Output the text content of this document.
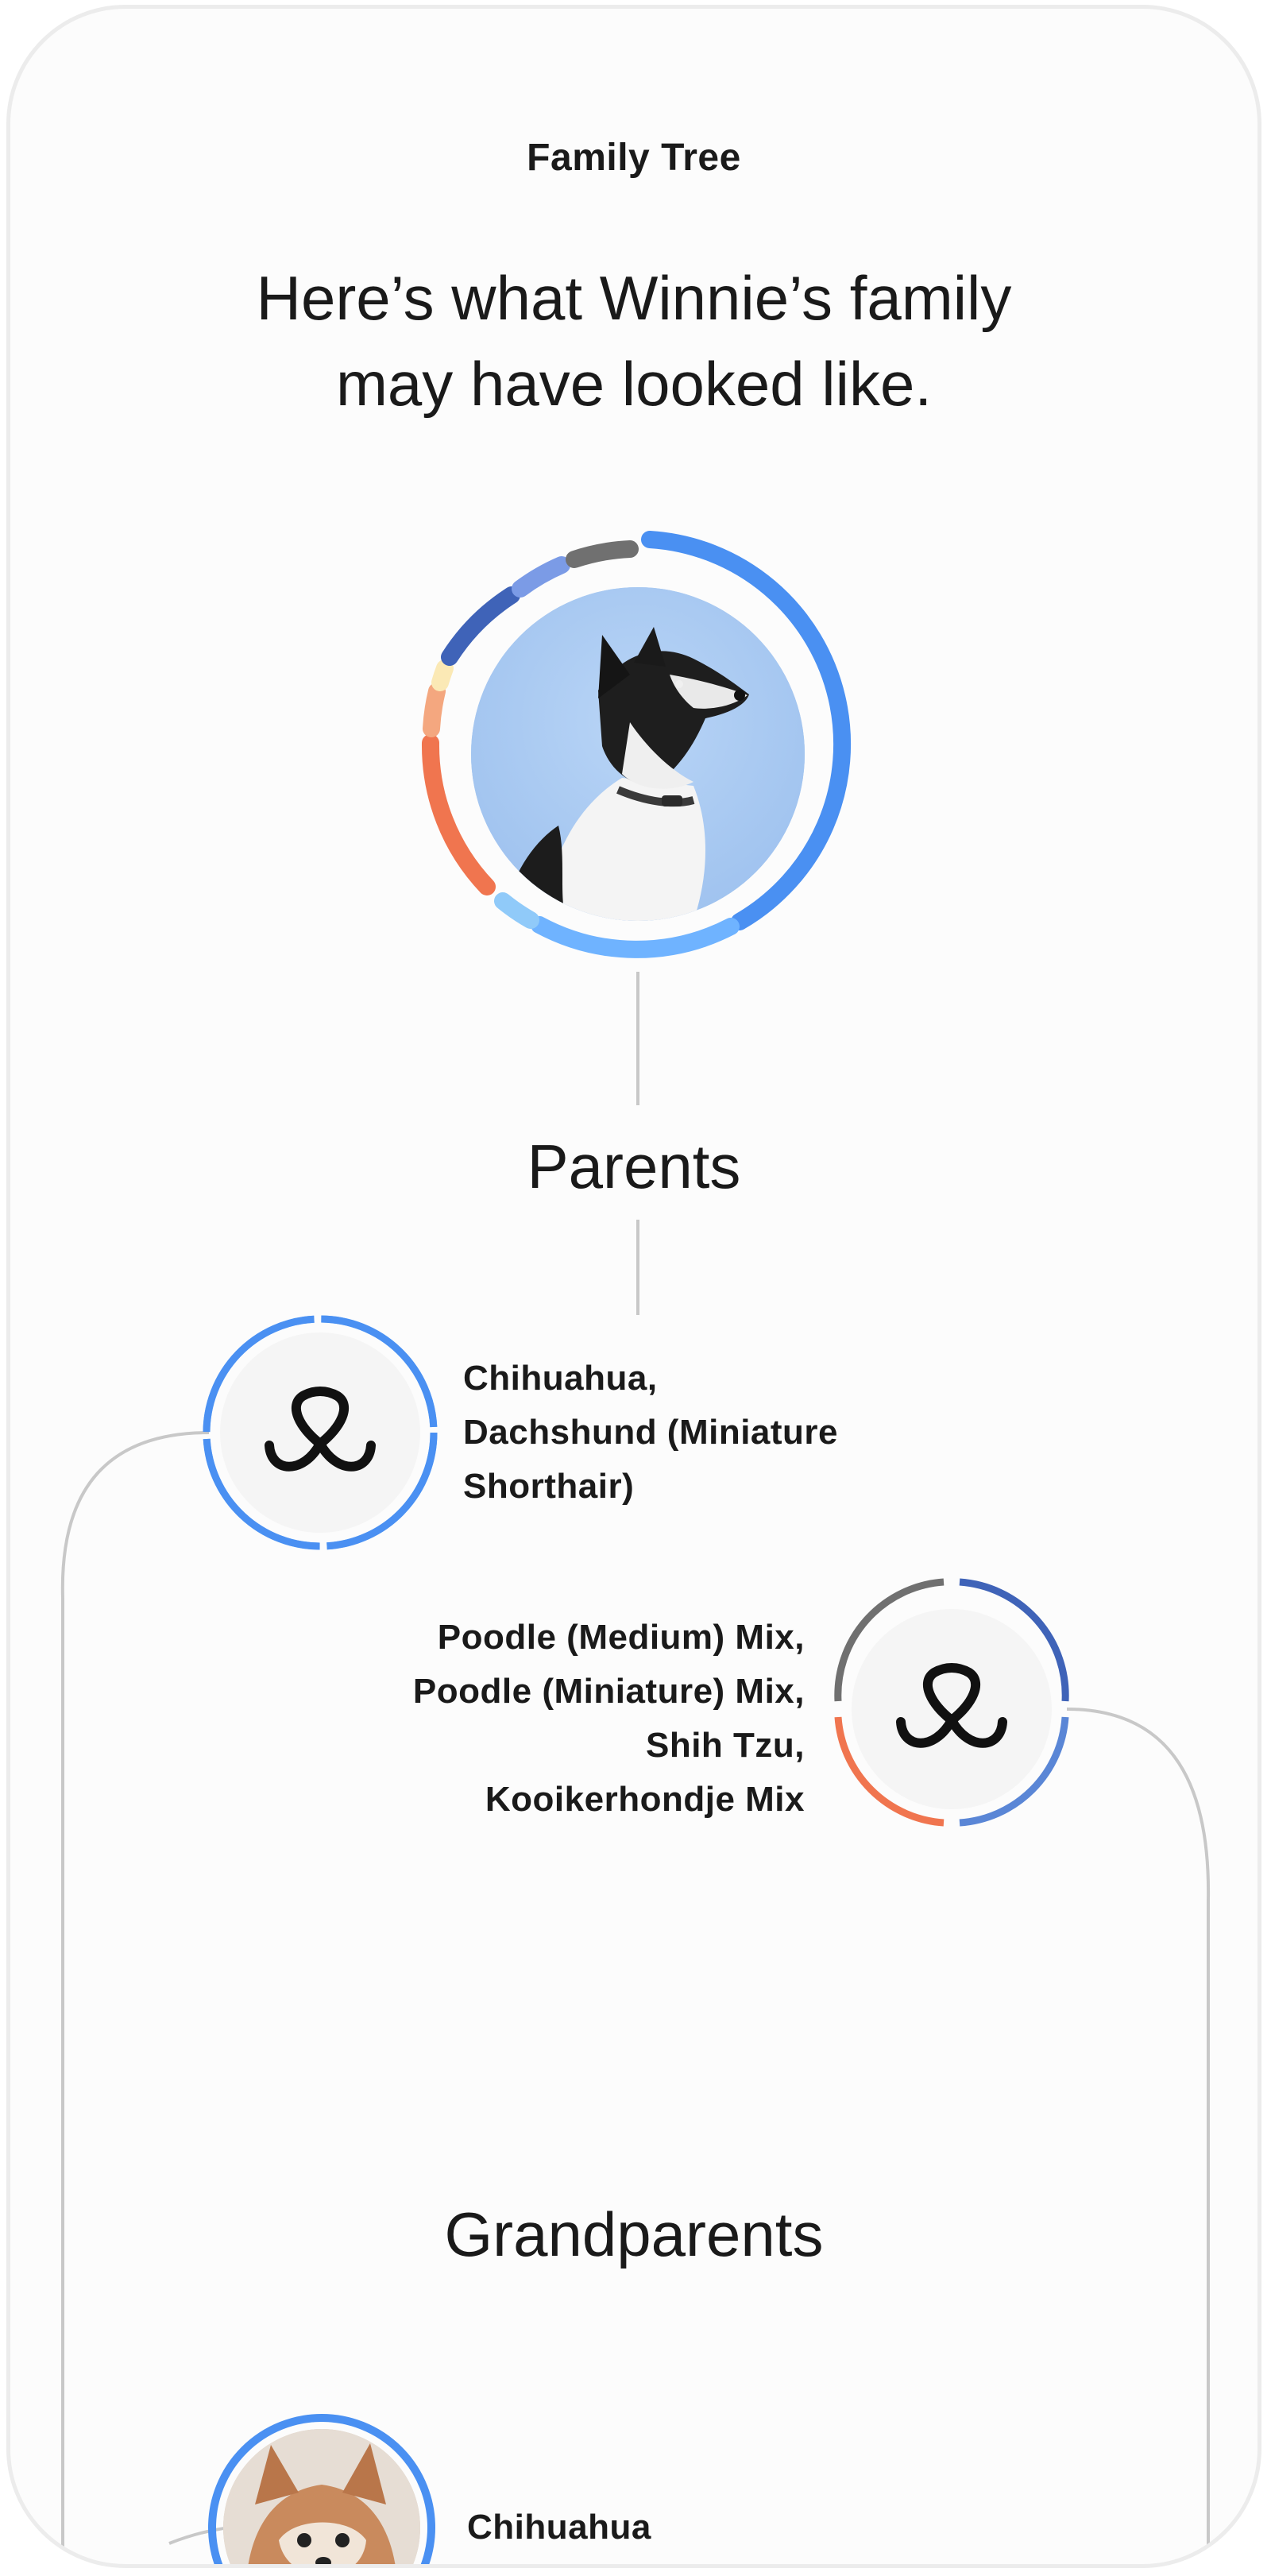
Family Tree
Here’s what Winnie’s family
may have looked like.
Parents
Chihuahua,
Dachshund (Miniature
Shorthair)
Poodle (Medium) Mix,
Poodle (Miniature) Mix,
Shih Tzu,
Kooikerhondje Mix
Grandparents
Chihuahua
